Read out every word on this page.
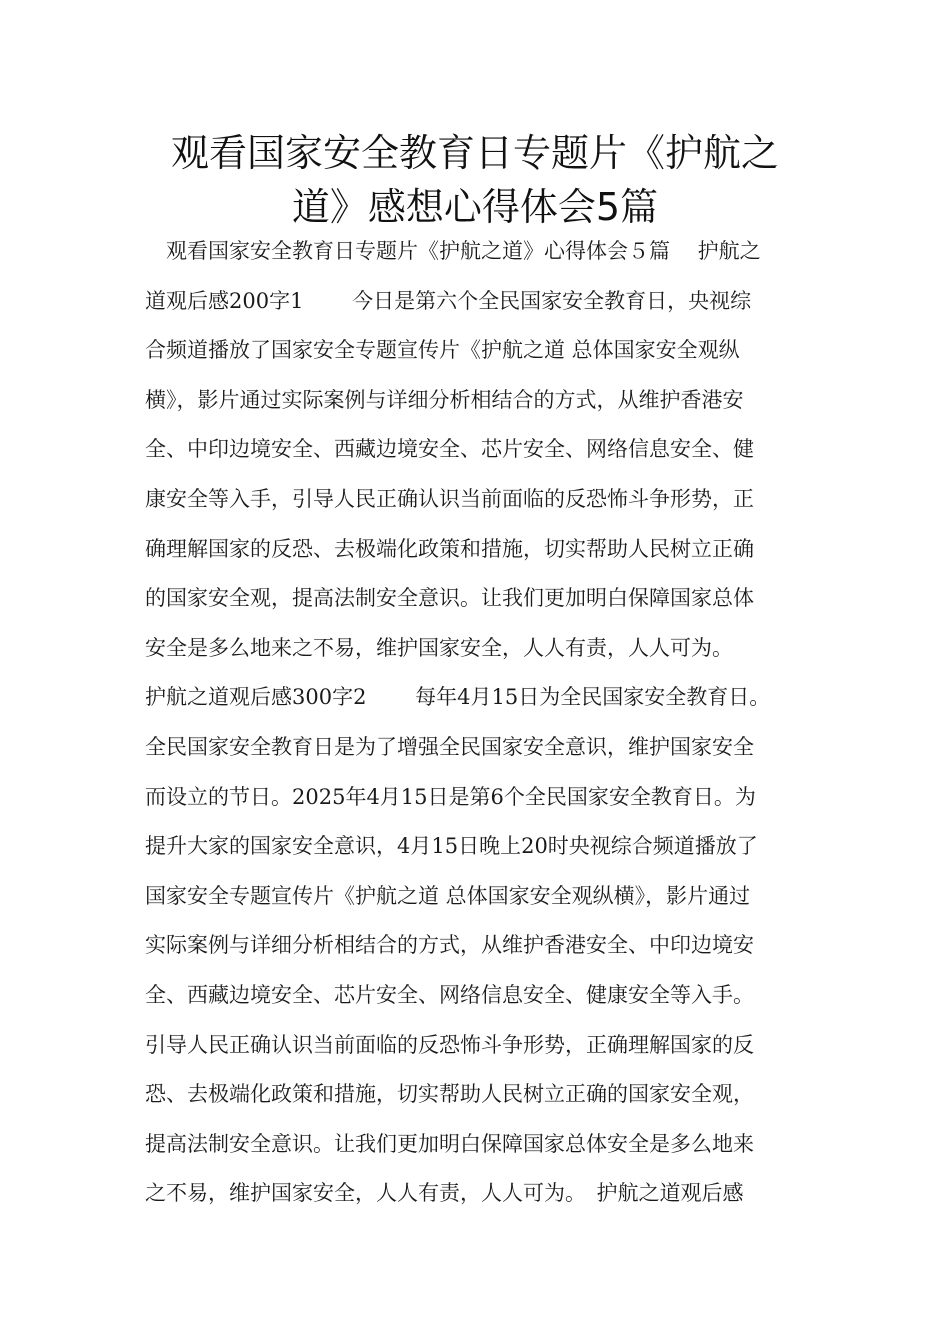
观看国家安全教育日专题片《护航之
道》感想心得体会5篇
　观看国家安全教育日专题片《护航之道》心得体会５篇　 护航之
道观后感200字1　　 今日是第六个全民国家安全教育日，央视综
合频道播放了国家安全专题宣传片《护航之道 总体国家安全观纵
横》，影片通过实际案例与详细分析相结合的方式，从维护香港安
全、中印边境安全、西藏边境安全、芯片安全、网络信息安全、健
康安全等入手，引导人民正确认识当前面临的反恐怖斗争形势，正
确理解国家的反恐、去极端化政策和措施，切实帮助人民树立正确
的国家安全观，提高法制安全意识。让我们更加明白保障国家总体
安全是多么地来之不易，维护国家安全，人人有责，人人可为。
护航之道观后感300字2　　 每年4月15日为全民国家安全教育日。
全民国家安全教育日是为了增强全民国家安全意识，维护国家安全
而设立的节日。2025年4月15日是第6个全民国家安全教育日。为
提升大家的国家安全意识，4月15日晚上20时央视综合频道播放了
国家安全专题宣传片《护航之道 总体国家安全观纵横》，影片通过
实际案例与详细分析相结合的方式，从维护香港安全、中印边境安
全、西藏边境安全、芯片安全、网络信息安全、健康安全等入手。
引导人民正确认识当前面临的反恐怖斗争形势，正确理解国家的反
恐、去极端化政策和措施，切实帮助人民树立正确的国家安全观，
提高法制安全意识。让我们更加明白保障国家总体安全是多么地来
之不易，维护国家安全，人人有责，人人可为。　护航之道观后感
